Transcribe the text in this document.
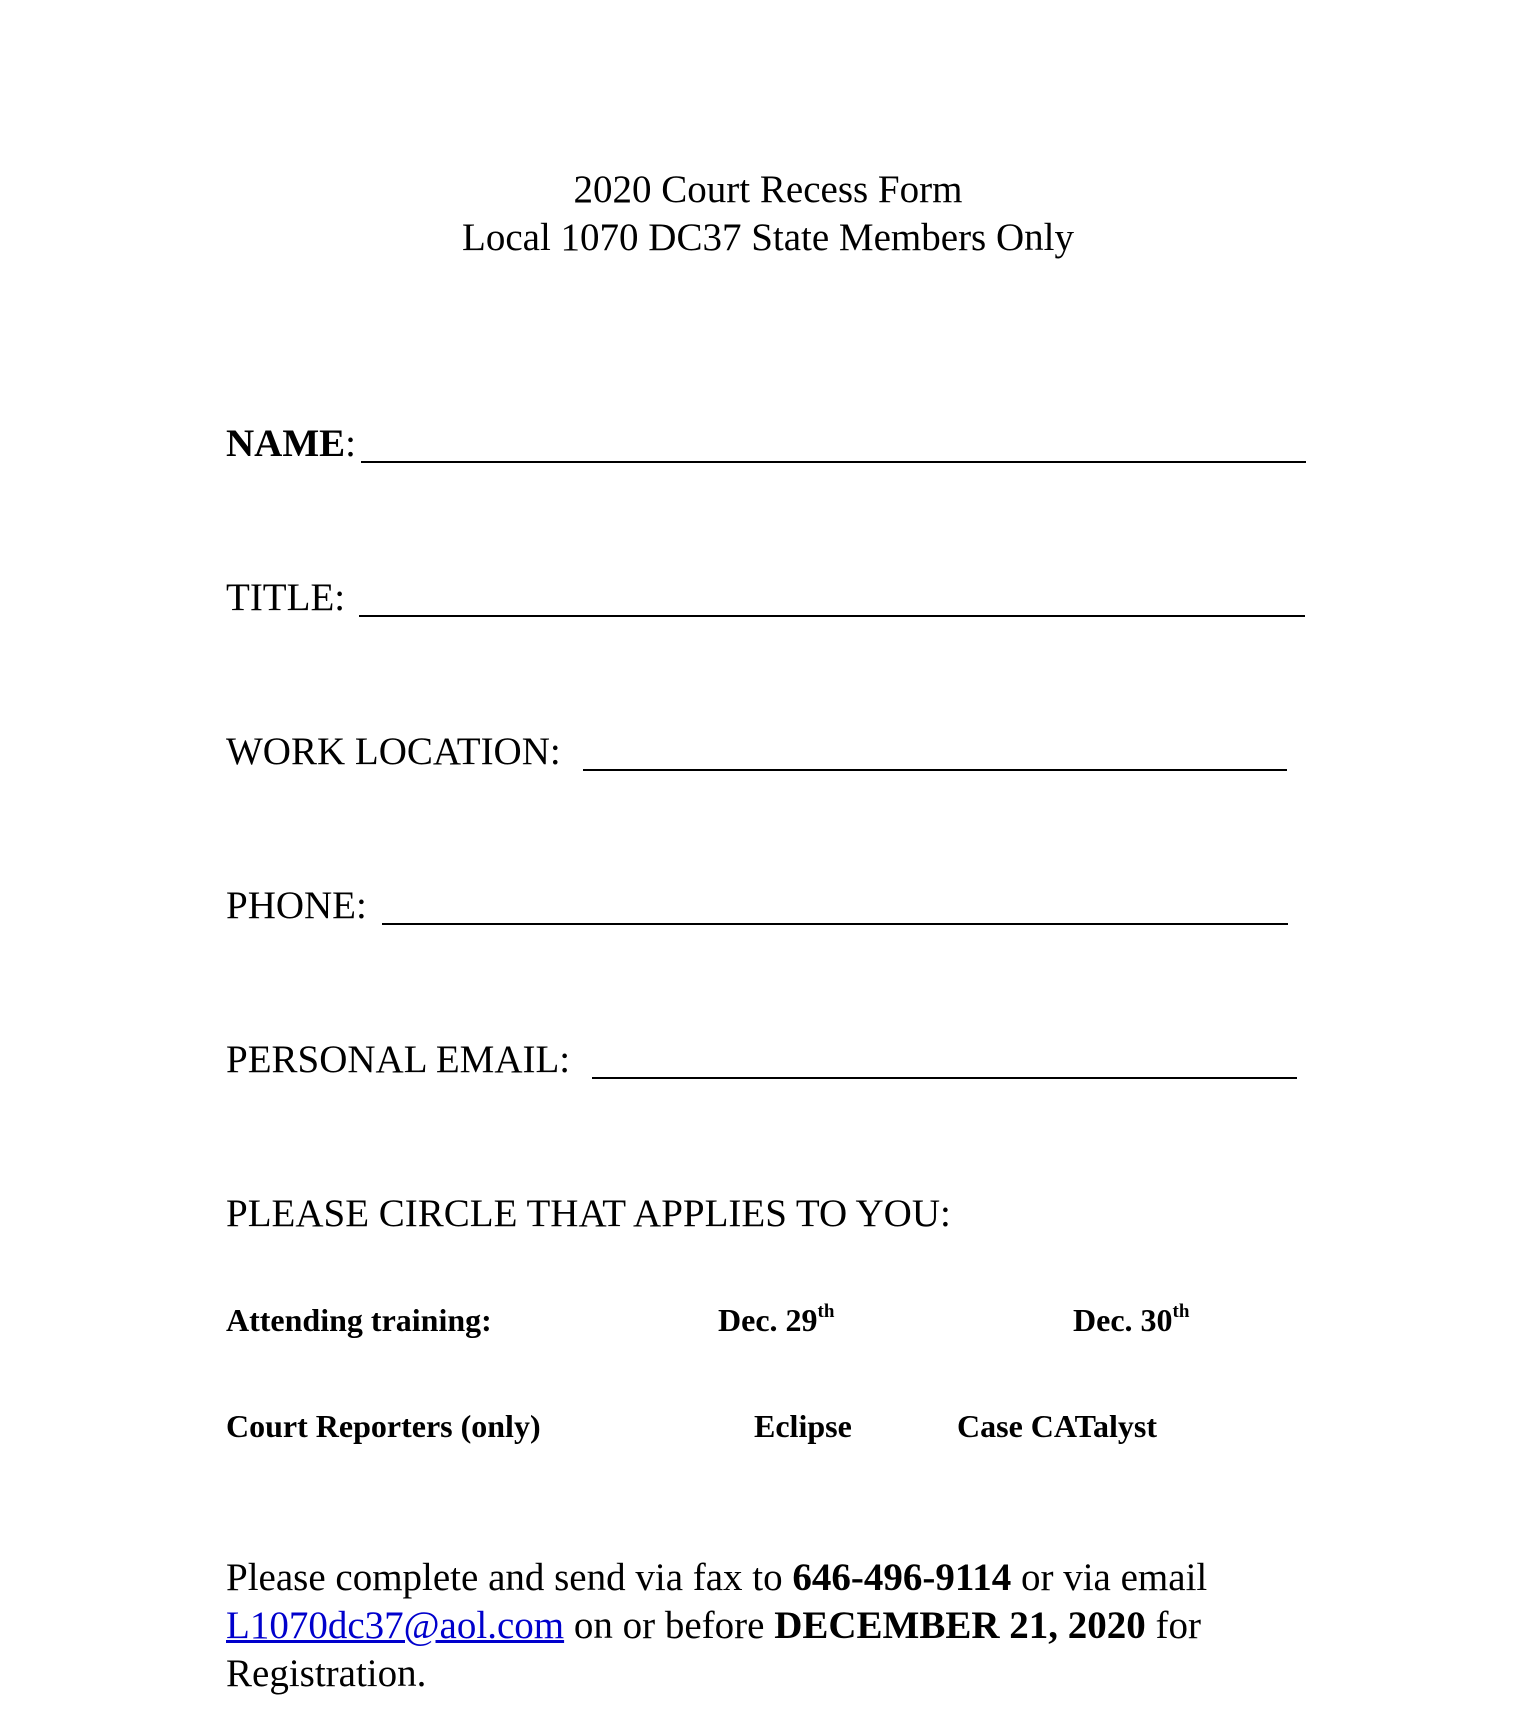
2020 Court Recess Form
Local 1070 DC37 State Members Only
NAME:
TITLE:
WORK LOCATION:
PHONE:
PERSONAL EMAIL:
PLEASE CIRCLE THAT APPLIES TO YOU:
Attending training:	Dec. 29th	Dec. 30th
Court Reporters (only)	Eclipse	Case CATalyst
Please complete and send via fax to 646-496-9114 or via email L1070dc37@aol.com on or before DECEMBER 21, 2020 for Registration.
